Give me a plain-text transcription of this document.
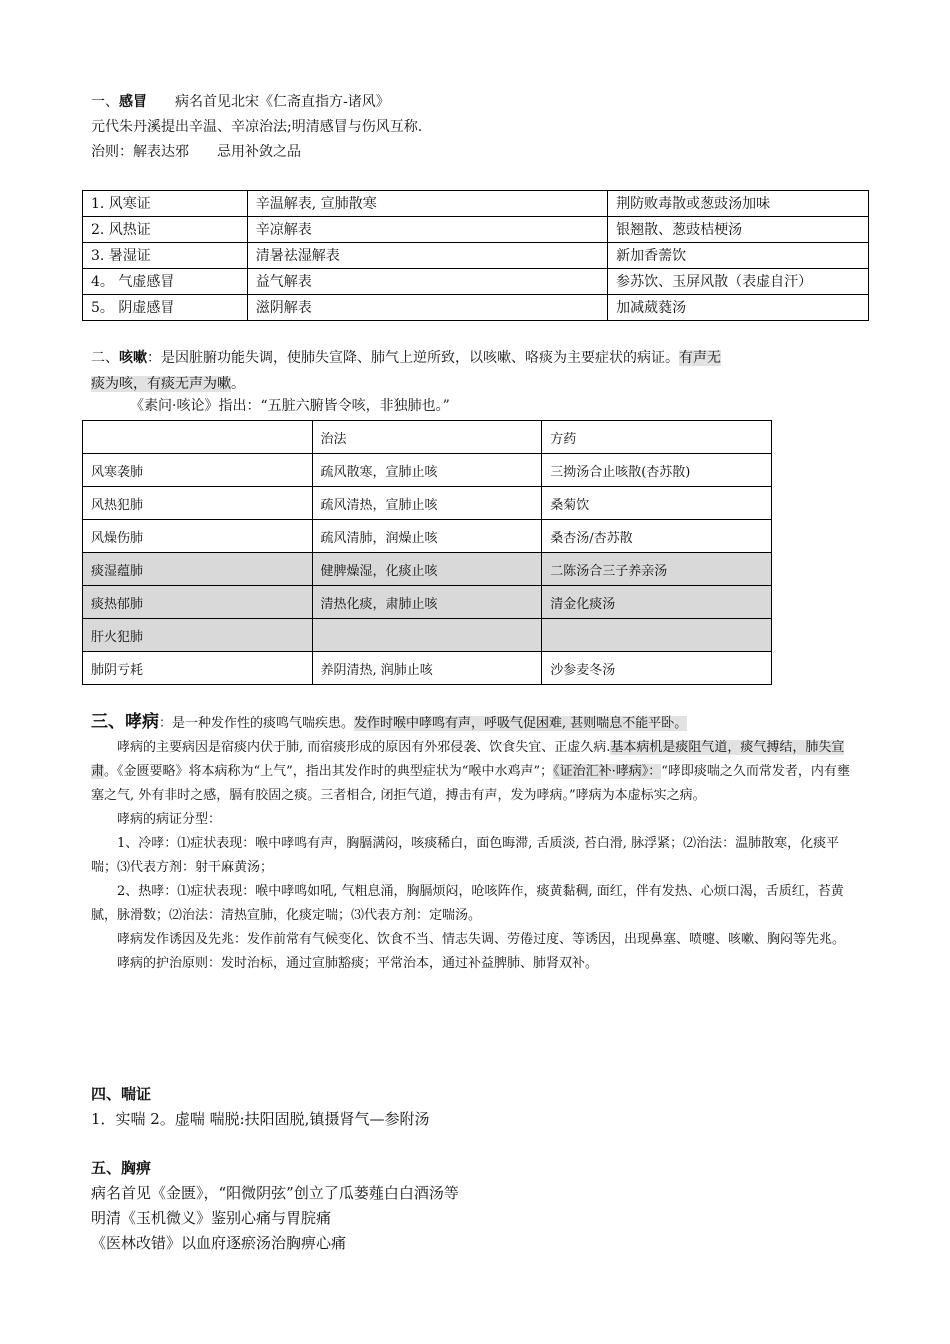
一、感冒　　病名首见北宋《仁斋直指方-诸风》

元代朱丹溪提出辛温、辛凉治法;明清感冒与伤风互称.

治则：解表达邪　　忌用补敛之品

1. 风寒证	辛温解表, 宣肺散寒	荆防败毒散或葱豉汤加味
2. 风热证	辛凉解表	银翘散、葱豉桔梗汤
3. 暑湿证	清暑祛湿解表	新加香薷饮
4。 气虚感冒	益气解表	参苏饮、玉屏风散（表虚自汗）
5。 阴虚感冒	滋阴解表	加减葳蕤汤

二、咳嗽：是因脏腑功能失调，使肺失宣降、肺气上逆所致，以咳嗽、咯痰为主要症状的病证。有声无
痰为咳，有痰无声为嗽。

《素问·咳论》指出：“五脏六腑皆令咳，非独肺也。”

	治法	方药
风寒袭肺	疏风散寒，宣肺止咳	三拗汤合止咳散(杏苏散)
风热犯肺	疏风清热，宣肺止咳	桑菊饮
风燥伤肺	疏风清肺，润燥止咳	桑杏汤/杏苏散
痰湿蕴肺	健脾燥湿，化痰止咳	二陈汤合三子养亲汤
痰热郁肺	清热化痰，肃肺止咳	清金化痰汤
肝火犯肺		
肺阴亏耗	养阴清热, 润肺止咳	沙参麦冬汤

三、哮病：是一种发作性的痰鸣气喘疾患。发作时喉中哮鸣有声，呼吸气促困难, 甚则喘息不能平卧。

哮病的主要病因是宿痰内伏于肺, 而宿痰形成的原因有外邪侵袭、饮食失宜、正虚久病.基本病机是痰阻气道，痰气搏结，肺失宣肃。《金匮要略》将本病称为“上气”，指出其发作时的典型症状为“喉中水鸡声”；《证治汇补·哮病》：“哮即痰喘之久而常发者，内有壅塞之气, 外有非时之感，膈有胶固之痰。三者相合, 闭拒气道，搏击有声，发为哮病。”哮病为本虚标实之病。

哮病的病证分型：

1、冷哮：⑴症状表现：喉中哮鸣有声，胸膈满闷，咳痰稀白，面色晦滞, 舌质淡, 苔白滑, 脉浮紧；⑵治法：温肺散寒，化痰平喘；⑶代表方剂：射干麻黄汤；

2、热哮：⑴症状表现：喉中哮鸣如吼, 气粗息涌，胸膈烦闷，呛咳阵作，痰黄黏稠, 面红，伴有发热、心烦口渴，舌质红，苔黄腻，脉滑数；⑵治法：清热宣肺，化痰定喘；⑶代表方剂：定喘汤。

哮病发作诱因及先兆：发作前常有气候变化、饮食不当、情志失调、劳倦过度、等诱因，出现鼻塞、喷嚏、咳嗽、胸闷等先兆。

哮病的护治原则：发时治标，通过宣肺豁痰；平常治本，通过补益脾肺、肺肾双补。

四、喘证

1．实喘 2。虚喘 喘脱:扶阳固脱,镇摄肾气—参附汤

五、胸痹

病名首见《金匮》，“阳微阴弦”创立了瓜蒌薤白白酒汤等

明清《玉机微义》鉴别心痛与胃脘痛

《医林改错》以血府逐瘀汤治胸痹心痛
